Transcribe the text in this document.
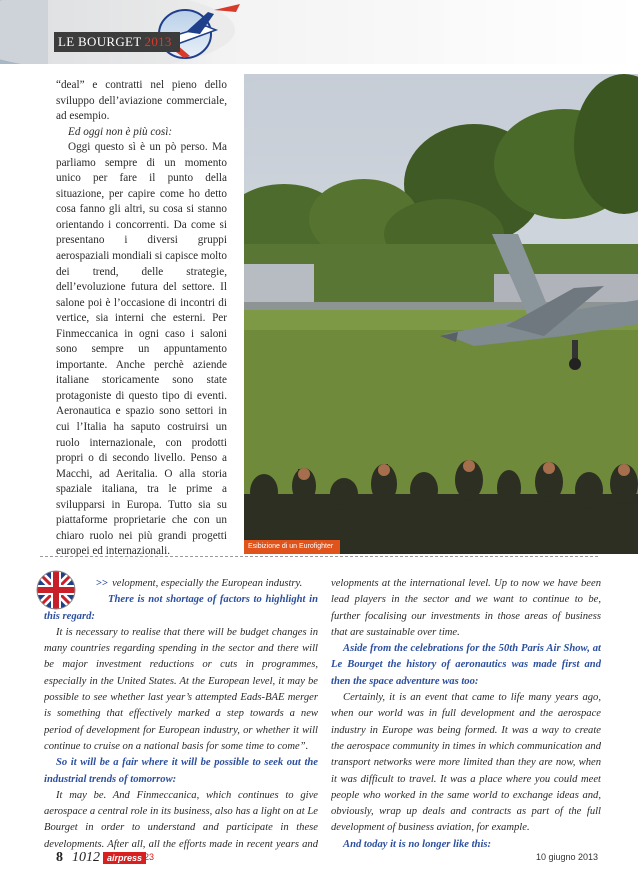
LE BOURGET 2013

“deal” e contratti nel pieno dello sviluppo dell’aviazione commerciale, ad esempio.

Ed oggi non è più così:

Oggi questo sì è un pò perso. Ma parliamo sempre di un momento unico per fare il punto della situazione, per capire come ho detto cosa fanno gli altri, su cosa si stanno orientando i concorrenti. Da come si presentano i diversi gruppi aerospaziali mondiali si capisce molto dei trend, delle strategie, dell’evoluzione futura del settore. Il salone poi è l’occasione di incontri di vertice, sia interni che esterni. Per Finmeccanica in ogni caso i saloni sono sempre un appuntamento importante. Anche perchè aziende italiane storicamente sono state protagoniste di questo tipo di eventi. Aeronautica e spazio sono settori in cui l’Italia ha saputo costruirsi un ruolo internazionale, con prodotti propri o di secondo livello. Penso a Macchi, ad Aeritalia. O alla storia spaziale italiana, tra le prime a svilupparsi in Europa. Tutto sia su piattaforme proprietarie che con un chiaro ruolo nei più grandi progetti europei ed internazionali.	Esibizione di un Eurofighter

>> velopment, especially the European industry.

There is not shortage of factors to highlight in this regard:

It is necessary to realise that there will be budget changes in many countries regarding spending in the sector and there will be major investment reductions or cuts in programmes, especially in the United States. At the European level, it may be possible to see whether last year’s attempted Eads-BAE merger is something that effectively marked a step towards a new period of development for European industry, or whether it will continue to cruise on a national basis for some time to come”.

So it will be a fair where it will be possible to seek out the industrial trends of tomorrow:

It may be. And Finmeccanica, which continues to give aerospace a central role in its business, also has a light on at Le Bourget in order to understand and participate in these developments. After all, all the efforts made in recent years and

velopments at the international level. Up to now we have been lead players in the sector and we want to continue to be, further focalising our investments in those areas of business that are sustainable over time.

Aside from the celebrations for the 50th Paris Air Show, at Le Bourget the history of aeronautics was made first and then the space adventure was too:

Certainly, it is an event that came to life many years ago, when our world was in full development and the aerospace industry in Europe was being formed. It was a way to create the aerospace community in times in which communication and transport networks were more limited than they are now, when it was difficult to travel. It was a place where you could meet people who worked in the same world to exchange ideas and, obviously, wrap up deals and contracts as part of the full development of business aviation, for example.

And today it is no longer like this:

8 1012 airpress 23	10 giugno 2013
